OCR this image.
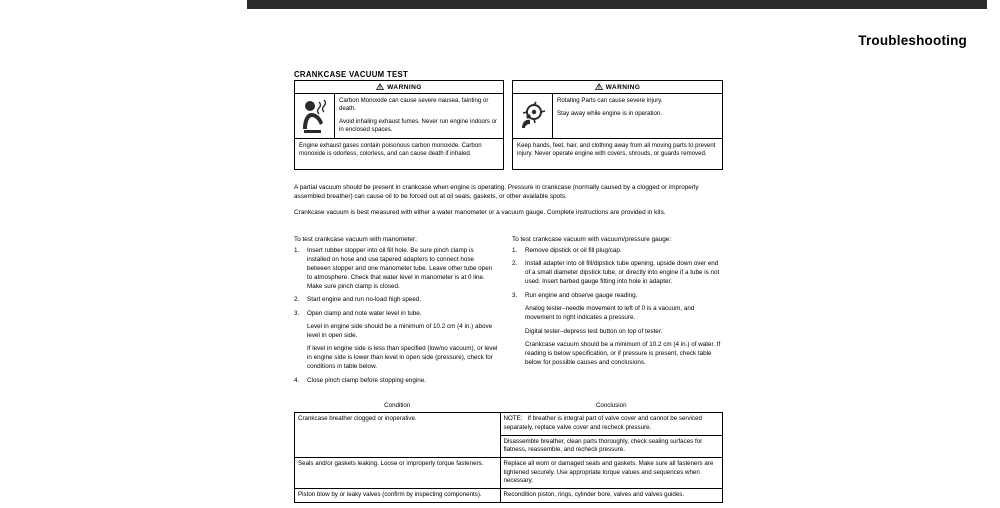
Troubleshooting
CRANKCASE VACUUM TEST
WARNING

Carbon Monoxide can cause severe nausea, fainting or death.

Avoid inhaling exhaust fumes. Never run engine indoors or in enclosed spaces.

Engine exhaust gases contain poisonous carbon monoxide. Carbon monoxide is odorless, colorless, and can cause death if inhaled.
WARNING

Rotating Parts can cause severe injury.

Stay away while engine is in operation.

Keep hands, feet, hair, and clothing away from all moving parts to prevent injury. Never operate engine with covers, shrouds, or guards removed.
A partial vacuum should be present in crankcase when engine is operating. Pressure in crankcase (normally caused by a clogged or improperly assembled breather) can cause oil to be forced out at oil seals, gaskets, or other available spots.
Crankcase vacuum is best measured with either a water manometer or a vacuum gauge. Complete instructions are provided in kits.
To test crankcase vacuum with manometer:
1.	Insert rubber stopper into oil fill hole. Be sure pinch clamp is installed on hose and use tapered adapters to connect hose between stopper and one manometer tube. Leave other tube open to atmosphere. Check that water level in manometer is at 0 line. Make sure pinch clamp is closed.
2.	Start engine and run no-load high speed.
3.	Open clamp and note water level in tube.
Level in engine side should be a minimum of 10.2 cm (4 in.) above level in open side.
If level in engine side is less than specified (low/no vacuum), or level in engine side is lower than level in open side (pressure), check for conditions in table below.
4.	Close pinch clamp before stopping engine.
To test crankcase vacuum with vacuum/pressure gauge:
1.	Remove dipstick or oil fill plug/cap.
2.	Install adapter into oil fill/dipstick tube opening, upside down over end of a small diameter dipstick tube, or directly into engine if a tube is not used. Insert barbed gauge fitting into hole in adapter.
3.	Run engine and observe gauge reading.
Analog tester–needle movement to left of 0 is a vacuum, and movement to right indicates a pressure.
Digital tester–depress test button on top of tester.
Crankcase vacuum should be a minimum of 10.2 cm (4 in.) of water. If reading is below specification, or if pressure is present, check table below for possible causes and conclusions.
Condition	Conclusion
Crankcase breather clogged or inoperative.	NOTE: If breather is integral part of valve cover and cannot be serviced separately, replace valve cover and recheck pressure.
	Disassemble breather, clean parts thoroughly, check sealing surfaces for flatness, reassemble, and recheck pressure.
Seals and/or gaskets leaking. Loose or improperly torque fasteners.	Replace all worn or damaged seals and gaskets. Make sure all fasteners are tightened securely. Use appropriate torque values and sequences when necessary.
Piston blow by or leaky valves (confirm by inspecting components).	Recondition piston, rings, cylinder bore, valves and valves guides.
